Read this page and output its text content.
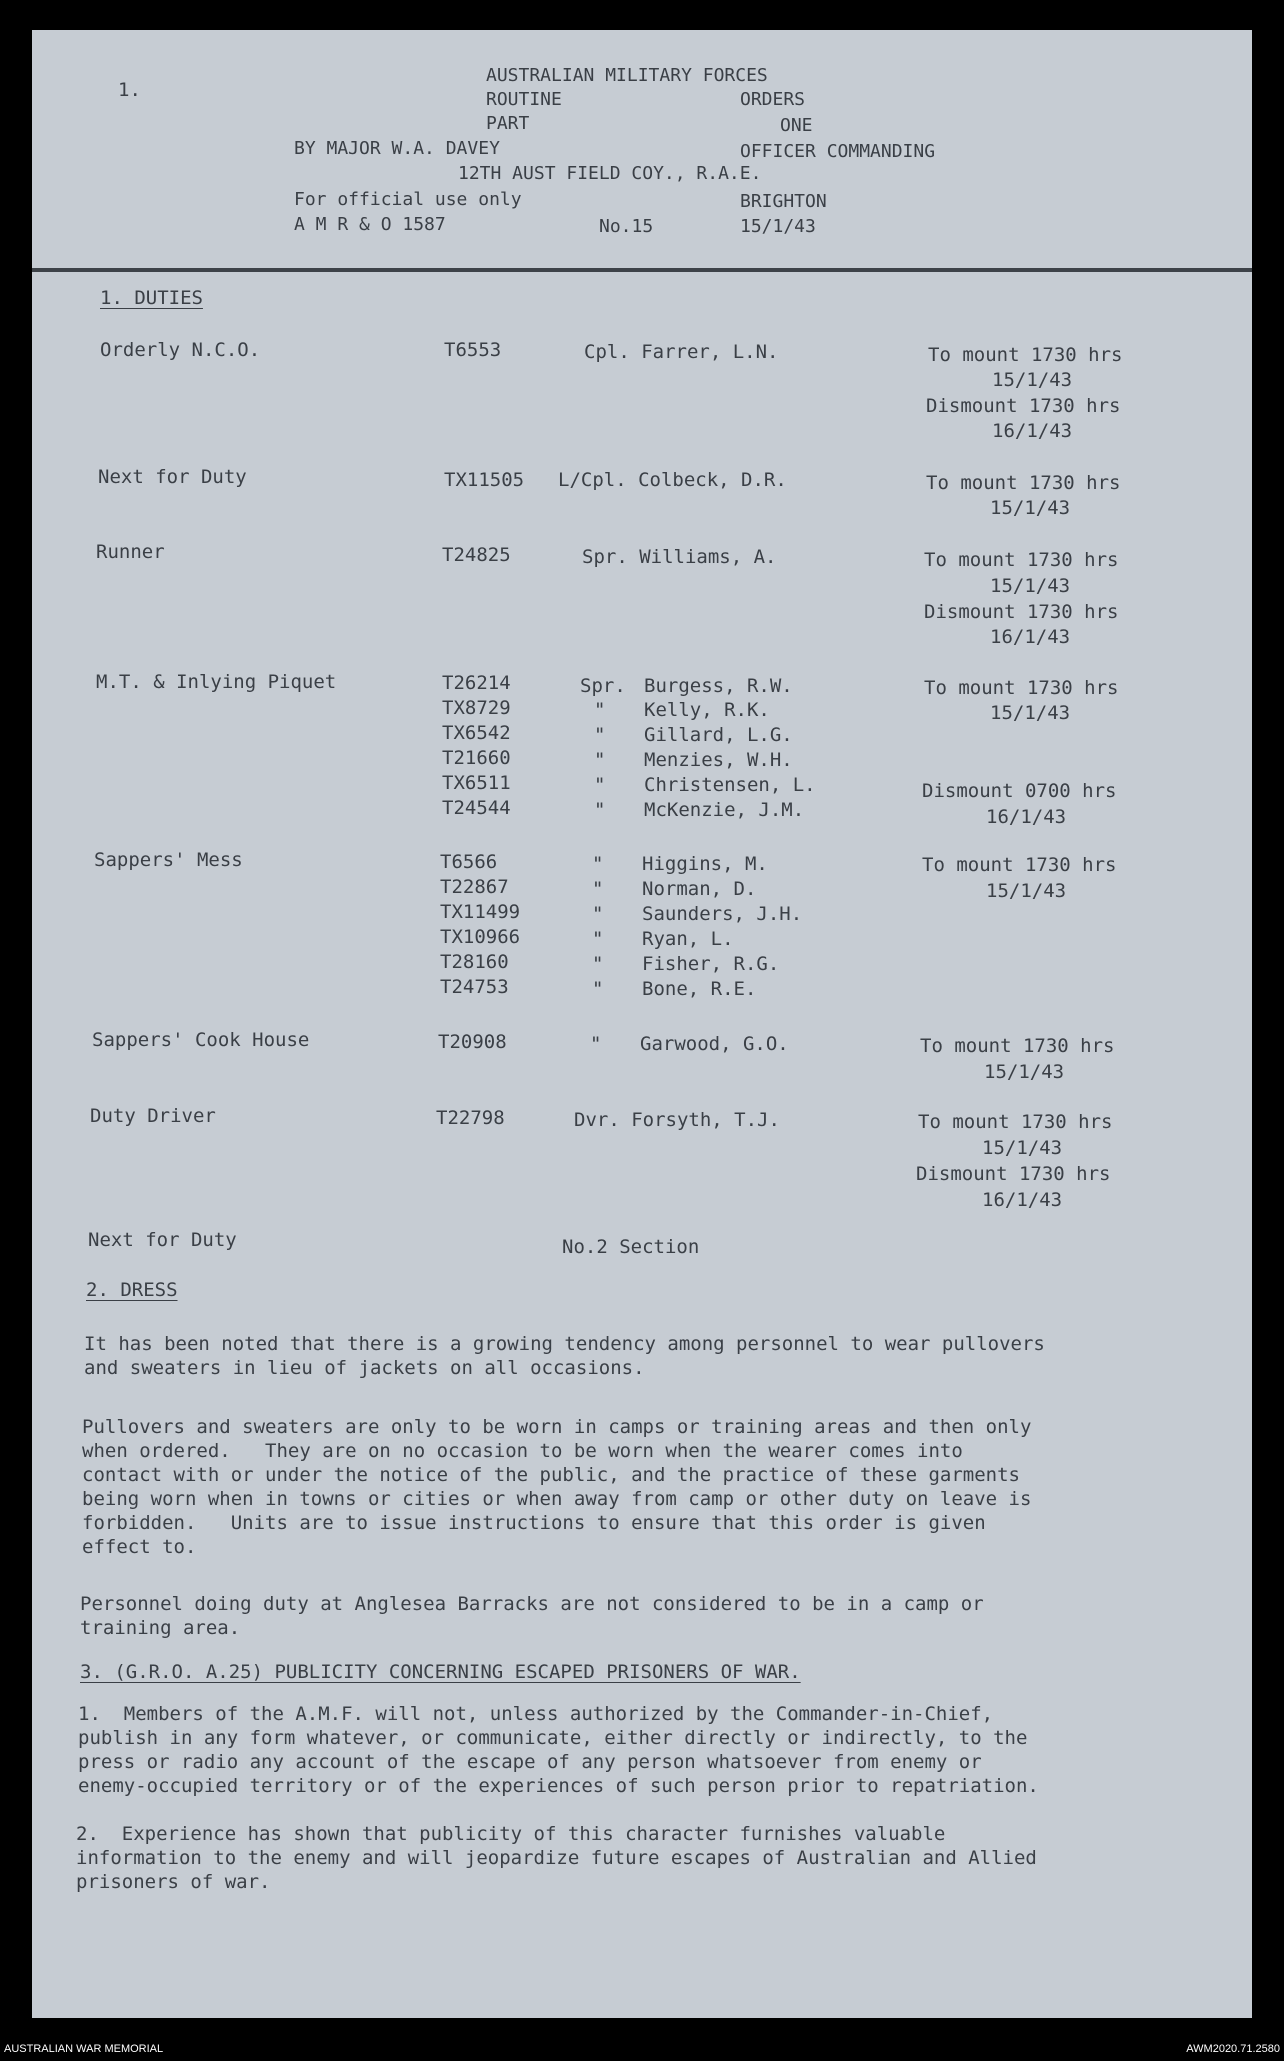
1.
AUSTRALIAN MILITARY FORCES
ROUTINE	ORDERS
PART	ONE
BY MAJOR W.A. DAVEY	OFFICER COMMANDING
12TH AUST FIELD COY., R.A.E.
For official use only	BRIGHTON
A M R & O 1587	No.15	15/1/43
1. DUTIES
Orderly N.C.O.	T6553	Cpl. Farrer, L.N.	To mount 1730 hrs
15/1/43
Dismount 1730 hrs
16/1/43
Next for Duty	TX11505 L/Cpl. Colbeck, D.R.	To mount 1730 hrs
15/1/43
Runner	T24825	Spr. Williams, A.	To mount 1730 hrs
15/1/43
Dismount 1730 hrs
16/1/43
M.T. & Inlying Piquet	T26214	Spr. Burgess, R.W.
TX8729	" Kelly, R.K.
TX6542	" Gillard, L.G.
T21660	" Menzies, W.H.
TX6511	" Christensen, L.
T24544	" McKenzie, J.M.
To mount 1730 hrs
15/1/43
Dismount 0700 hrs
16/1/43
Sappers' Mess	T6566	" Higgins, M.
T22867	" Norman, D.
TX11499	" Saunders, J.H.
TX10966	" Ryan, L.
T28160	" Fisher, R.G.
T24753	" Bone, R.E.
To mount 1730 hrs
15/1/43
Sappers' Cook House	T20908	" Garwood, G.O.	To mount 1730 hrs
15/1/43
Duty Driver	T22798	Dvr. Forsyth, T.J.	To mount 1730 hrs
15/1/43
Dismount 1730 hrs
16/1/43
Next for Duty	No.2 Section
2. DRESS
It has been noted that there is a growing tendency among personnel to wear pullovers
and sweaters in lieu of jackets on all occasions.
Pullovers and sweaters are only to be worn in camps or training areas and then only
when ordered.   They are on no occasion to be worn when the wearer comes into
contact with or under the notice of the public, and the practice of these garments
being worn when in towns or cities or when away from camp or other duty on leave is
forbidden.   Units are to issue instructions to ensure that this order is given
effect to.
Personnel doing duty at Anglesea Barracks are not considered to be in a camp or
training area.
3. (G.R.O. A.25) PUBLICITY CONCERNING ESCAPED PRISONERS OF WAR.
1.  Members of the A.M.F. will not, unless authorized by the Commander-in-Chief,
publish in any form whatever, or communicate, either directly or indirectly, to the
press or radio any account of the escape of any person whatsoever from enemy or
enemy-occupied territory or of the experiences of such person prior to repatriation.
2.  Experience has shown that publicity of this character furnishes valuable
information to the enemy and will jeopardize future escapes of Australian and Allied
prisoners of war.
AUSTRALIAN WAR MEMORIAL	AWM2020.71.2580
